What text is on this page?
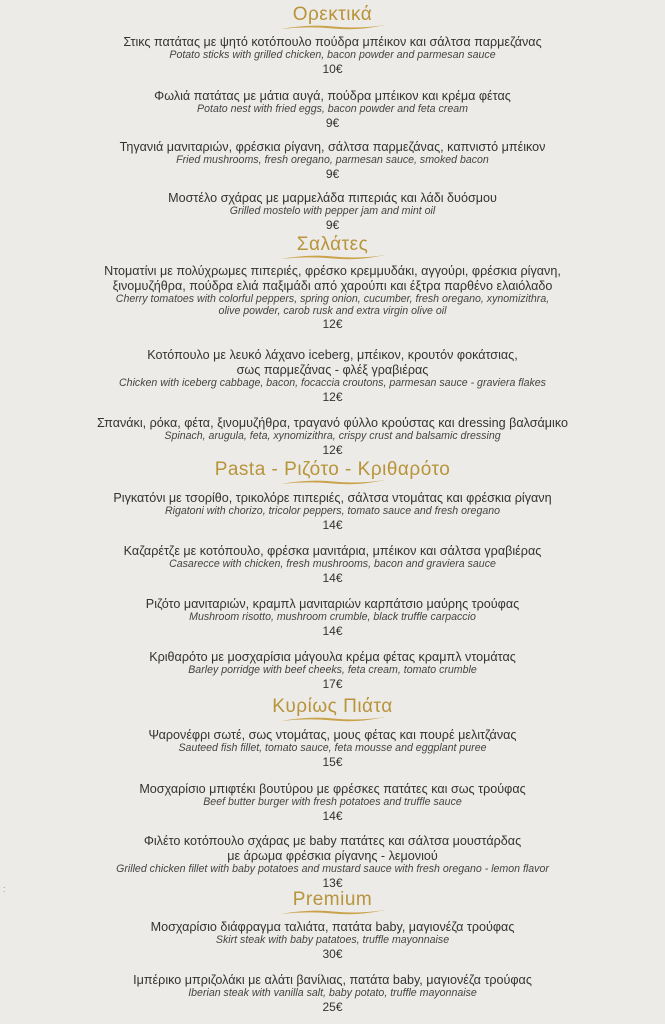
Ορεκτικά
Στικς πατάτας με ψητό κοτόπουλο πούδρα μπέικον και σάλτσα παρμεζάνας
Potato sticks with grilled chicken, bacon powder and parmesan sauce
10€
Φωλιά πατάτας με μάτια αυγά, πούδρα μπέικον και κρέμα φέτας
Potato nest with fried eggs, bacon powder and feta cream
9€
Τηγανιά μανιταριών, φρέσκια ρίγανη, σάλτσα παρμεζάνας, καπνιστό μπέικον
Fried mushrooms, fresh oregano, parmesan sauce, smoked bacon
9€
Μοστέλο σχάρας με μαρμελάδα πιπεριάς και λάδι δυόσμου
Grilled mostelo with pepper jam and mint oil
9€
Σαλάτες
Ντοματίνι με πολύχρωμες πιπεριές, φρέσκο κρεμμυδάκι, αγγούρι, φρέσκια ρίγανη,
ξινομυζήθρα, πούδρα ελιά παξιμάδι από χαρούπι και έξτρα παρθένο ελαιόλαδο
Cherry tomatoes with colorful peppers, spring onion, cucumber, fresh oregano, xynomizithra,
olive powder, carob rusk and extra virgin olive oil
12€
Κοτόπουλο με λευκό λάχανο iceberg, μπέικον, κρουτόν φοκάτσιας,
σως παρμεζάνας - φλέξ γραβιέρας
Chicken with iceberg cabbage, bacon, focaccia croutons, parmesan sauce - graviera flakes
12€
Σπανάκι, ρόκα, φέτα, ξινομυζήθρα, τραγανό φύλλο κρούστας και dressing βαλσάμικο
Spinach, arugula, feta, xynomizithra, crispy crust and balsamic dressing
12€
Pasta - Ριζότο - Κριθαρότο
Ριγκατόνι με τσορίθο, τρικολόρε πιπεριές, σάλτσα ντομάτας και φρέσκια ρίγανη
Rigatoni with chorizo, tricolor peppers, tomato sauce and fresh oregano
14€
Καζαρέτζε με κοτόπουλο, φρέσκα μανιτάρια, μπέικον και σάλτσα γραβιέρας
Casarecce with chicken, fresh mushrooms, bacon and graviera sauce
14€
Ριζότο μανιταριών, κραμπλ μανιταριών καρπάτσιο μαύρης τρούφας
Mushroom risotto, mushroom crumble, black truffle carpaccio
14€
Κριθαρότο με μοσχαρίσια μάγουλα κρέμα φέτας κραμπλ ντομάτας
Barley porridge with beef cheeks, feta cream, tomato crumble
17€
Κυρίως Πιάτα
Ψαρονέφρι σωτέ, σως ντομάτας, μους φέτας και πουρέ μελιτζάνας
Sauteed fish fillet, tomato sauce, feta mousse and eggplant puree
15€
Μοσχαρίσιο μπιφτέκι βουτύρου με φρέσκες πατάτες και σως τρούφας
Beef butter burger with fresh potatoes and truffle sauce
14€
Φιλέτο κοτόπουλο σχάρας με baby πατάτες και σάλτσα μουστάρδας
με άρωμα φρέσκια ρίγανης - λεμονιού
Grilled chicken fillet with baby potatoes and mustard sauce with fresh oregano - lemon flavor
13€
Premium
Μοσχαρίσιο διάφραγμα ταλιάτα, πατάτα baby, μαγιονέζα τρούφας
Skirt steak with baby patatoes, truffle mayonnaise
30€
Ιμπέρικο μπριζολάκι με αλάτι βανίλιας, πατάτα baby, μαγιονέζα τρούφας
Iberian steak with vanilla salt, baby potato, truffle mayonnaise
25€
:
